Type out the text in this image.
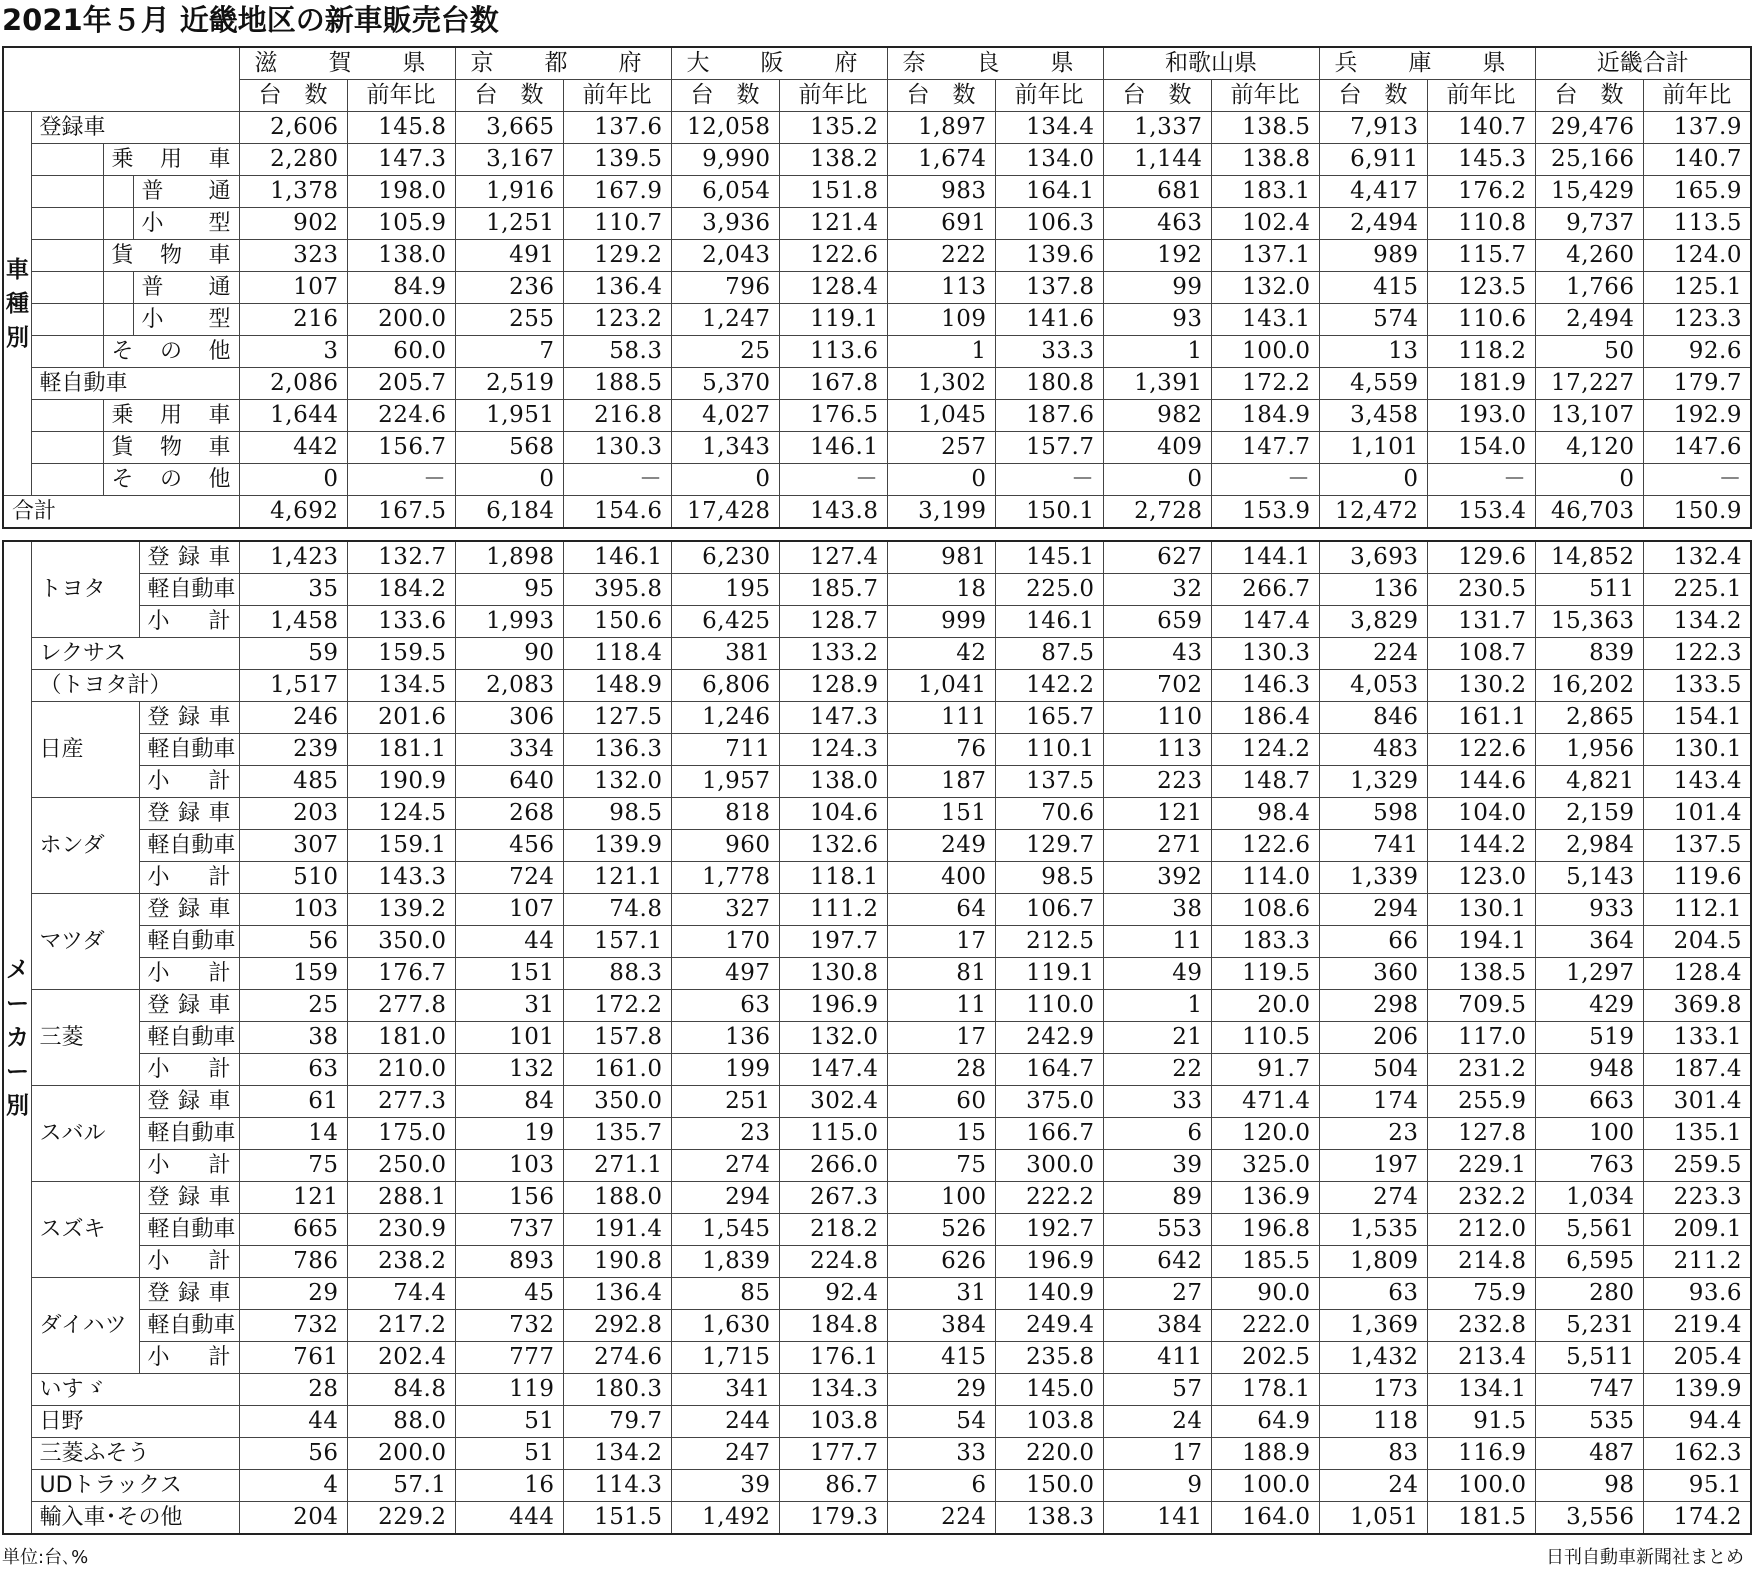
2021年５月 近畿地区の新車販売台数
				滋　賀　県		京　都　府		大　阪　府		奈　良　県		和歌山県		兵　庫　県		近畿合計	
				台　数	前年比	台　数	前年比	台　数	前年比	台　数	前年比	台　数	前年比	台　数	前年比	台　数	前年比

車
種
別	登録車			2,606	145.8	3,665	137.6	12,058	135.2	1,897	134.4	1,337	138.5	7,913	140.7	29,476	137.9
		乗　用　車		2,280	147.3	3,167	139.5	9,990	138.2	1,674	134.0	1,144	138.8	6,911	145.3	25,166	140.7
			普　通	1,378	198.0	1,916	167.9	6,054	151.8	983	164.1	681	183.1	4,417	176.2	15,429	165.9
			小　型	902	105.9	1,251	110.7	3,936	121.4	691	106.3	463	102.4	2,494	110.8	9,737	113.5
		貨　物　車		323	138.0	491	129.2	2,043	122.6	222	139.6	192	137.1	989	115.7	4,260	124.0
			普　通	107	84.9	236	136.4	796	128.4	113	137.8	99	132.0	415	123.5	1,766	125.1
			小　型	216	200.0	255	123.2	1,247	119.1	109	141.6	93	143.1	574	110.6	2,494	123.3
		そ　の　他		3	60.0	7	58.3	25	113.6	1	33.3	1	100.0	13	118.2	50	92.6
	軽自動車			2,086	205.7	2,519	188.5	5,370	167.8	1,302	180.8	1,391	172.2	4,559	181.9	17,227	179.7
		乗　用　車		1,644	224.6	1,951	216.8	4,027	176.5	1,045	187.6	982	184.9	3,458	193.0	13,107	192.9
		貨　物　車		442	156.7	568	130.3	1,343	146.1	257	157.7	409	147.7	1,101	154.0	4,120	147.6
		そ　の　他		0	－	0	－	0	－	0	－	0	－	0	－	0	－
合計				4,692	167.5	6,184	154.6	17,428	143.8	3,199	150.1	2,728	153.9	12,472	153.4	46,703	150.9
メ
ー
カ
ー
別	トヨタ	登 録 車	1,423	132.7	1,898	146.1	6,230	127.4	981	145.1	627	144.1	3,693	129.6	14,852	132.4
		軽自動車	35	184.2	95	395.8	195	185.7	18	225.0	32	266.7	136	230.5	511	225.1
		小　計	1,458	133.6	1,993	150.6	6,425	128.7	999	146.1	659	147.4	3,829	131.7	15,363	134.2
	レクサス		59	159.5	90	118.4	381	133.2	42	87.5	43	130.3	224	108.7	839	122.3
	（トヨタ計）		1,517	134.5	2,083	148.9	6,806	128.9	1,041	142.2	702	146.3	4,053	130.2	16,202	133.5
	日産	登 録 車	246	201.6	306	127.5	1,246	147.3	111	165.7	110	186.4	846	161.1	2,865	154.1
		軽自動車	239	181.1	334	136.3	711	124.3	76	110.1	113	124.2	483	122.6	1,956	130.1
		小　計	485	190.9	640	132.0	1,957	138.0	187	137.5	223	148.7	1,329	144.6	4,821	143.4
	ホンダ	登 録 車	203	124.5	268	98.5	818	104.6	151	70.6	121	98.4	598	104.0	2,159	101.4
		軽自動車	307	159.1	456	139.9	960	132.6	249	129.7	271	122.6	741	144.2	2,984	137.5
		小　計	510	143.3	724	121.1	1,778	118.1	400	98.5	392	114.0	1,339	123.0	5,143	119.6
	マツダ	登 録 車	103	139.2	107	74.8	327	111.2	64	106.7	38	108.6	294	130.1	933	112.1
		軽自動車	56	350.0	44	157.1	170	197.7	17	212.5	11	183.3	66	194.1	364	204.5
		小　計	159	176.7	151	88.3	497	130.8	81	119.1	49	119.5	360	138.5	1,297	128.4
	三菱	登 録 車	25	277.8	31	172.2	63	196.9	11	110.0	1	20.0	298	709.5	429	369.8
		軽自動車	38	181.0	101	157.8	136	132.0	17	242.9	21	110.5	206	117.0	519	133.1
		小　計	63	210.0	132	161.0	199	147.4	28	164.7	22	91.7	504	231.2	948	187.4
	スバル	登 録 車	61	277.3	84	350.0	251	302.4	60	375.0	33	471.4	174	255.9	663	301.4
		軽自動車	14	175.0	19	135.7	23	115.0	15	166.7	6	120.0	23	127.8	100	135.1
		小　計	75	250.0	103	271.1	274	266.0	75	300.0	39	325.0	197	229.1	763	259.5
	スズキ	登 録 車	121	288.1	156	188.0	294	267.3	100	222.2	89	136.9	274	232.2	1,034	223.3
		軽自動車	665	230.9	737	191.4	1,545	218.2	526	192.7	553	196.8	1,535	212.0	5,561	209.1
		小　計	786	238.2	893	190.8	1,839	224.8	626	196.9	642	185.5	1,809	214.8	6,595	211.2
	ダイハツ	登 録 車	29	74.4	45	136.4	85	92.4	31	140.9	27	90.0	63	75.9	280	93.6
		軽自動車	732	217.2	732	292.8	1,630	184.8	384	249.4	384	222.0	1,369	232.8	5,231	219.4
		小　計	761	202.4	777	274.6	1,715	176.1	415	235.8	411	202.5	1,432	213.4	5,511	205.4
	いすゞ		28	84.8	119	180.3	341	134.3	29	145.0	57	178.1	173	134.1	747	139.9
	日野		44	88.0	51	79.7	244	103.8	54	103.8	24	64.9	118	91.5	535	94.4
	三菱ふそう		56	200.0	51	134.2	247	177.7	33	220.0	17	188.9	83	116.9	487	162.3
	UDトラックス		4	57.1	16	114.3	39	86.7	6	150.0	9	100.0	24	100.0	98	95.1
	輸入車･その他		204	229.2	444	151.5	1,492	179.3	224	138.3	141	164.0	1,051	181.5	3,556	174.2
単位:台､%	日刊自動車新聞社まとめ
